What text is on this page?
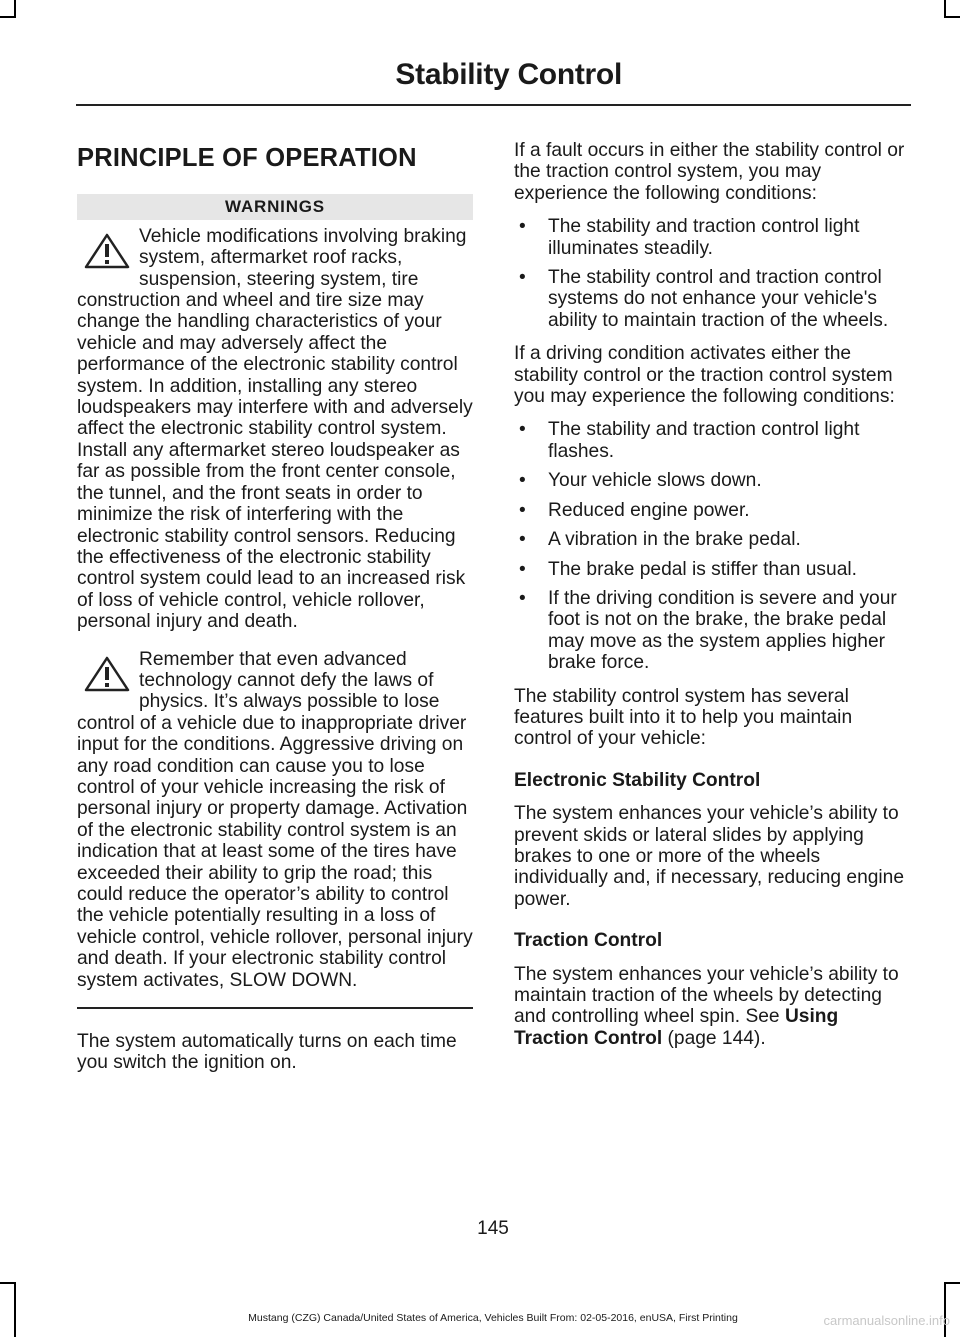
Stability Control
PRINCIPLE OF OPERATION
WARNINGS

Vehicle modifications involving braking system, aftermarket roof racks, suspension, steering system, tire construction and wheel and tire size may change the handling characteristics of your vehicle and may adversely affect the performance of the electronic stability control system. In addition, installing any stereo loudspeakers may interfere with and adversely affect the electronic stability control system. Install any aftermarket stereo loudspeaker as far as possible from the front center console, the tunnel, and the front seats in order to minimize the risk of interfering with the electronic stability control sensors. Reducing the effectiveness of the electronic stability control system could lead to an increased risk of loss of vehicle control, vehicle rollover, personal injury and death.

Remember that even advanced technology cannot defy the laws of physics. It’s always possible to lose control of a vehicle due to inappropriate driver input for the conditions. Aggressive driving on any road condition can cause you to lose control of your vehicle increasing the risk of personal injury or property damage. Activation of the electronic stability control system is an indication that at least some of the tires have exceeded their ability to grip the road; this could reduce the operator’s ability to control the vehicle potentially resulting in a loss of vehicle control, vehicle rollover, personal injury and death. If your electronic stability control system activates, SLOW DOWN.

The system automatically turns on each time you switch the ignition on.

If a fault occurs in either the stability control or the traction control system, you may experience the following conditions:

• The stability and traction control light illuminates steadily.
• The stability control and traction control systems do not enhance your vehicle's ability to maintain traction of the wheels.

If a driving condition activates either the stability control or the traction control system you may experience the following conditions:

• The stability and traction control light flashes.
• Your vehicle slows down.
• Reduced engine power.
• A vibration in the brake pedal.
• The brake pedal is stiffer than usual.
• If the driving condition is severe and your foot is not on the brake, the brake pedal may move as the system applies higher brake force.

The stability control system has several features built into it to help you maintain control of your vehicle:

Electronic Stability Control

The system enhances your vehicle’s ability to prevent skids or lateral slides by applying brakes to one or more of the wheels individually and, if necessary, reducing engine power.

Traction Control

The system enhances your vehicle’s ability to maintain traction of the wheels by detecting and controlling wheel spin. See Using Traction Control (page 144).

145
Mustang (CZG) Canada/United States of America, Vehicles Built From: 02-05-2016, enUSA, First Printing	carmanualsonline.info
